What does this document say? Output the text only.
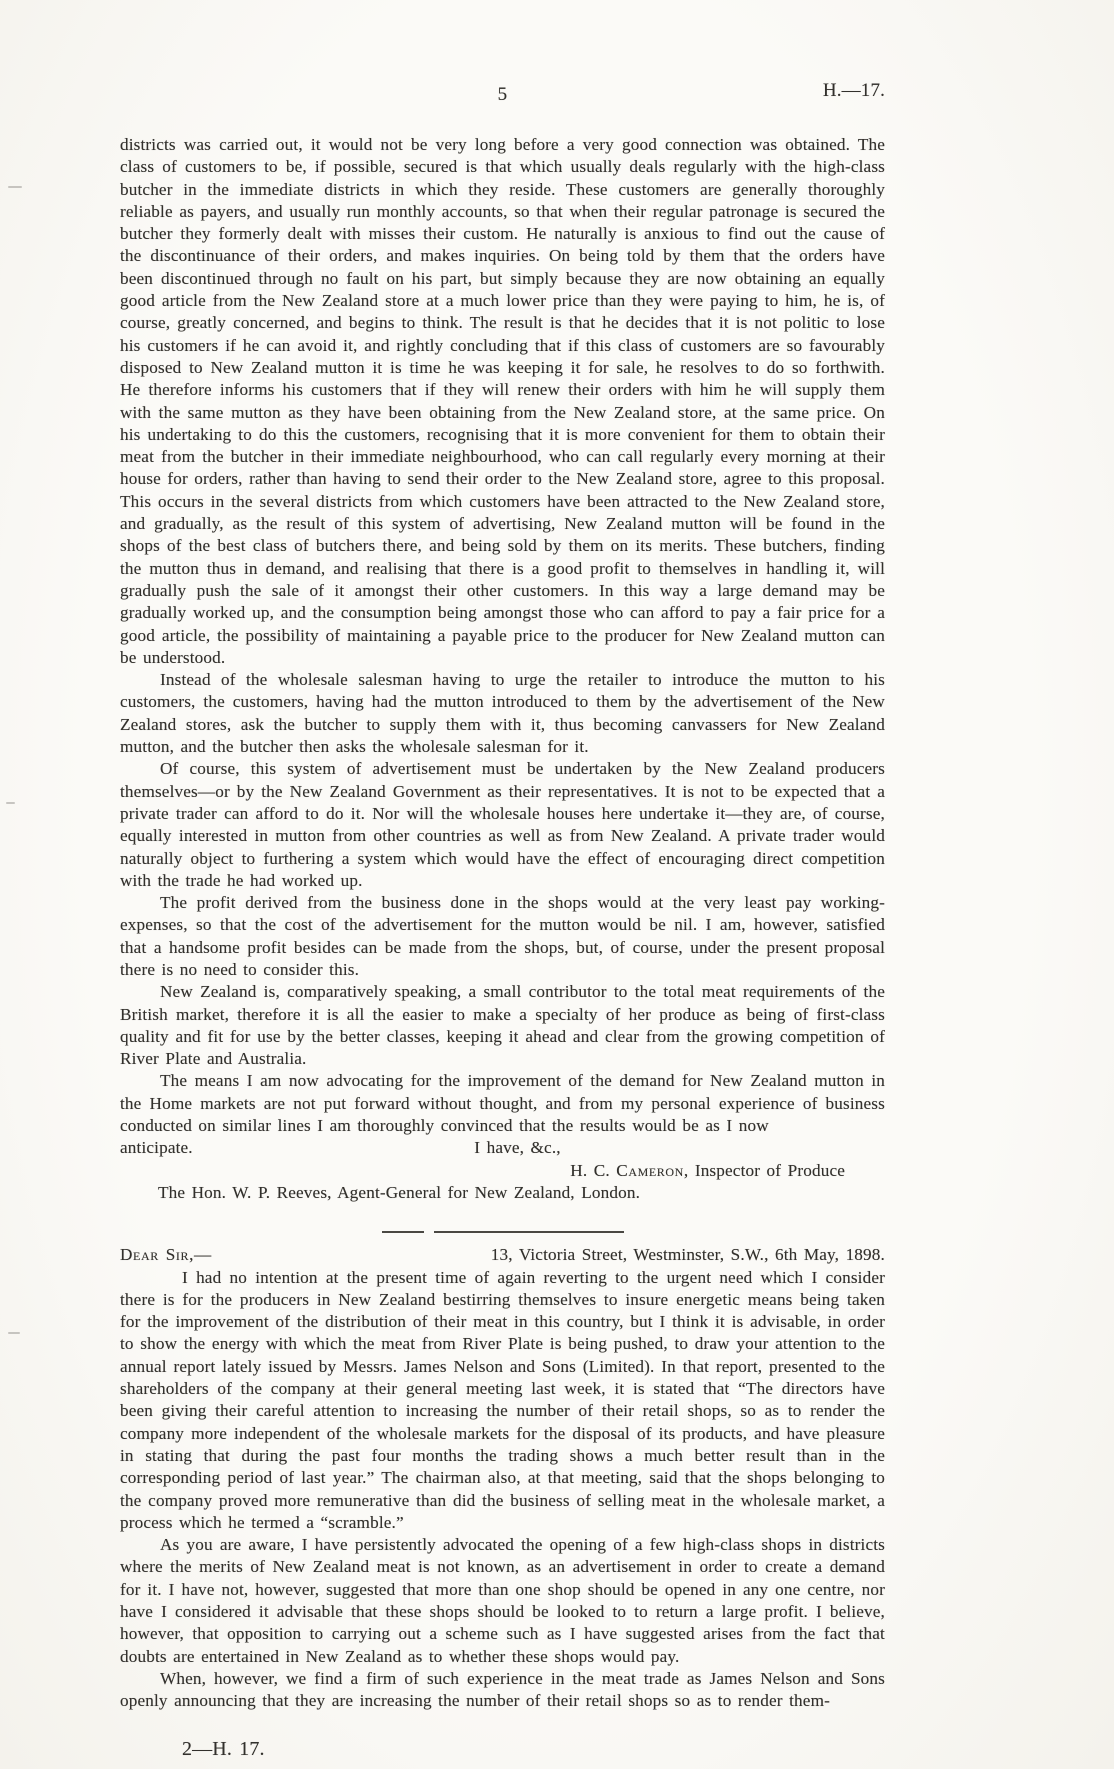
5	H.—17.

districts was carried out, it would not be very long before a very good connection was obtained. The class of customers to be, if possible, secured is that which usually deals regularly with the high-class butcher in the immediate districts in which they reside. These customers are generally thoroughly reliable as payers, and usually run monthly accounts, so that when their regular patronage is secured the butcher they formerly dealt with misses their custom. He naturally is anxious to find out the cause of the discontinuance of their orders, and makes inquiries. On being told by them that the orders have been discontinued through no fault on his part, but simply because they are now obtaining an equally good article from the New Zealand store at a much lower price than they were paying to him, he is, of course, greatly concerned, and begins to think. The result is that he decides that it is not politic to lose his customers if he can avoid it, and rightly concluding that if this class of customers are so favourably disposed to New Zealand mutton it is time he was keeping it for sale, he resolves to do so forthwith. He therefore informs his customers that if they will renew their orders with him he will supply them with the same mutton as they have been obtaining from the New Zealand store, at the same price. On his undertaking to do this the customers, recognising that it is more convenient for them to obtain their meat from the butcher in their immediate neighbourhood, who can call regularly every morning at their house for orders, rather than having to send their order to the New Zealand store, agree to this proposal. This occurs in the several districts from which customers have been attracted to the New Zealand store, and gradually, as the result of this system of advertising, New Zealand mutton will be found in the shops of the best class of butchers there, and being sold by them on its merits. These butchers, finding the mutton thus in demand, and realising that there is a good profit to themselves in handling it, will gradually push the sale of it amongst their other customers. In this way a large demand may be gradually worked up, and the consumption being amongst those who can afford to pay a fair price for a good article, the possibility of maintaining a payable price to the producer for New Zealand mutton can be understood.

Instead of the wholesale salesman having to urge the retailer to introduce the mutton to his customers, the customers, having had the mutton introduced to them by the advertisement of the New Zealand stores, ask the butcher to supply them with it, thus becoming canvassers for New Zealand mutton, and the butcher then asks the wholesale salesman for it.

Of course, this system of advertisement must be undertaken by the New Zealand producers themselves—or by the New Zealand Government as their representatives. It is not to be expected that a private trader can afford to do it. Nor will the wholesale houses here undertake it—they are, of course, equally interested in mutton from other countries as well as from New Zealand. A private trader would naturally object to furthering a system which would have the effect of encouraging direct competition with the trade he had worked up.

The profit derived from the business done in the shops would at the very least pay working-expenses, so that the cost of the advertisement for the mutton would be nil. I am, however, satisfied that a handsome profit besides can be made from the shops, but, of course, under the present proposal there is no need to consider this.

New Zealand is, comparatively speaking, a small contributor to the total meat requirements of the British market, therefore it is all the easier to make a specialty of her produce as being of first-class quality and fit for use by the better classes, keeping it ahead and clear from the growing competition of River Plate and Australia.

The means I am now advocating for the improvement of the demand for New Zealand mutton in the Home markets are not put forward without thought, and from my personal experience of business conducted on similar lines I am thoroughly convinced that the results would be as I now

anticipate.	I have, &c.,
H. C. Cameron, Inspector of Produce
The Hon. W. P. Reeves, Agent-General for New Zealand, London.
Dear Sir,—	13, Victoria Street, Westminster, S.W., 6th May, 1898.

I had no intention at the present time of again reverting to the urgent need which I consider there is for the producers in New Zealand bestirring themselves to insure energetic means being taken for the improvement of the distribution of their meat in this country, but I think it is advisable, in order to show the energy with which the meat from River Plate is being pushed, to draw your attention to the annual report lately issued by Messrs. James Nelson and Sons (Limited). In that report, presented to the shareholders of the company at their general meeting last week, it is stated that “The directors have been giving their careful attention to increasing the number of their retail shops, so as to render the company more independent of the wholesale markets for the disposal of its products, and have pleasure in stating that during the past four months the trading shows a much better result than in the corresponding period of last year.” The chairman also, at that meeting, said that the shops belonging to the company proved more remunerative than did the business of selling meat in the wholesale market, a process which he termed a “scramble.”

As you are aware, I have persistently advocated the opening of a few high-class shops in districts where the merits of New Zealand meat is not known, as an advertisement in order to create a demand for it. I have not, however, suggested that more than one shop should be opened in any one centre, nor have I considered it advisable that these shops should be looked to to return a large profit. I believe, however, that opposition to carrying out a scheme such as I have suggested arises from the fact that doubts are entertained in New Zealand as to whether these shops would pay.

When, however, we find a firm of such experience in the meat trade as James Nelson and Sons openly announcing that they are increasing the number of their retail shops so as to render them-

2—H. 17.
